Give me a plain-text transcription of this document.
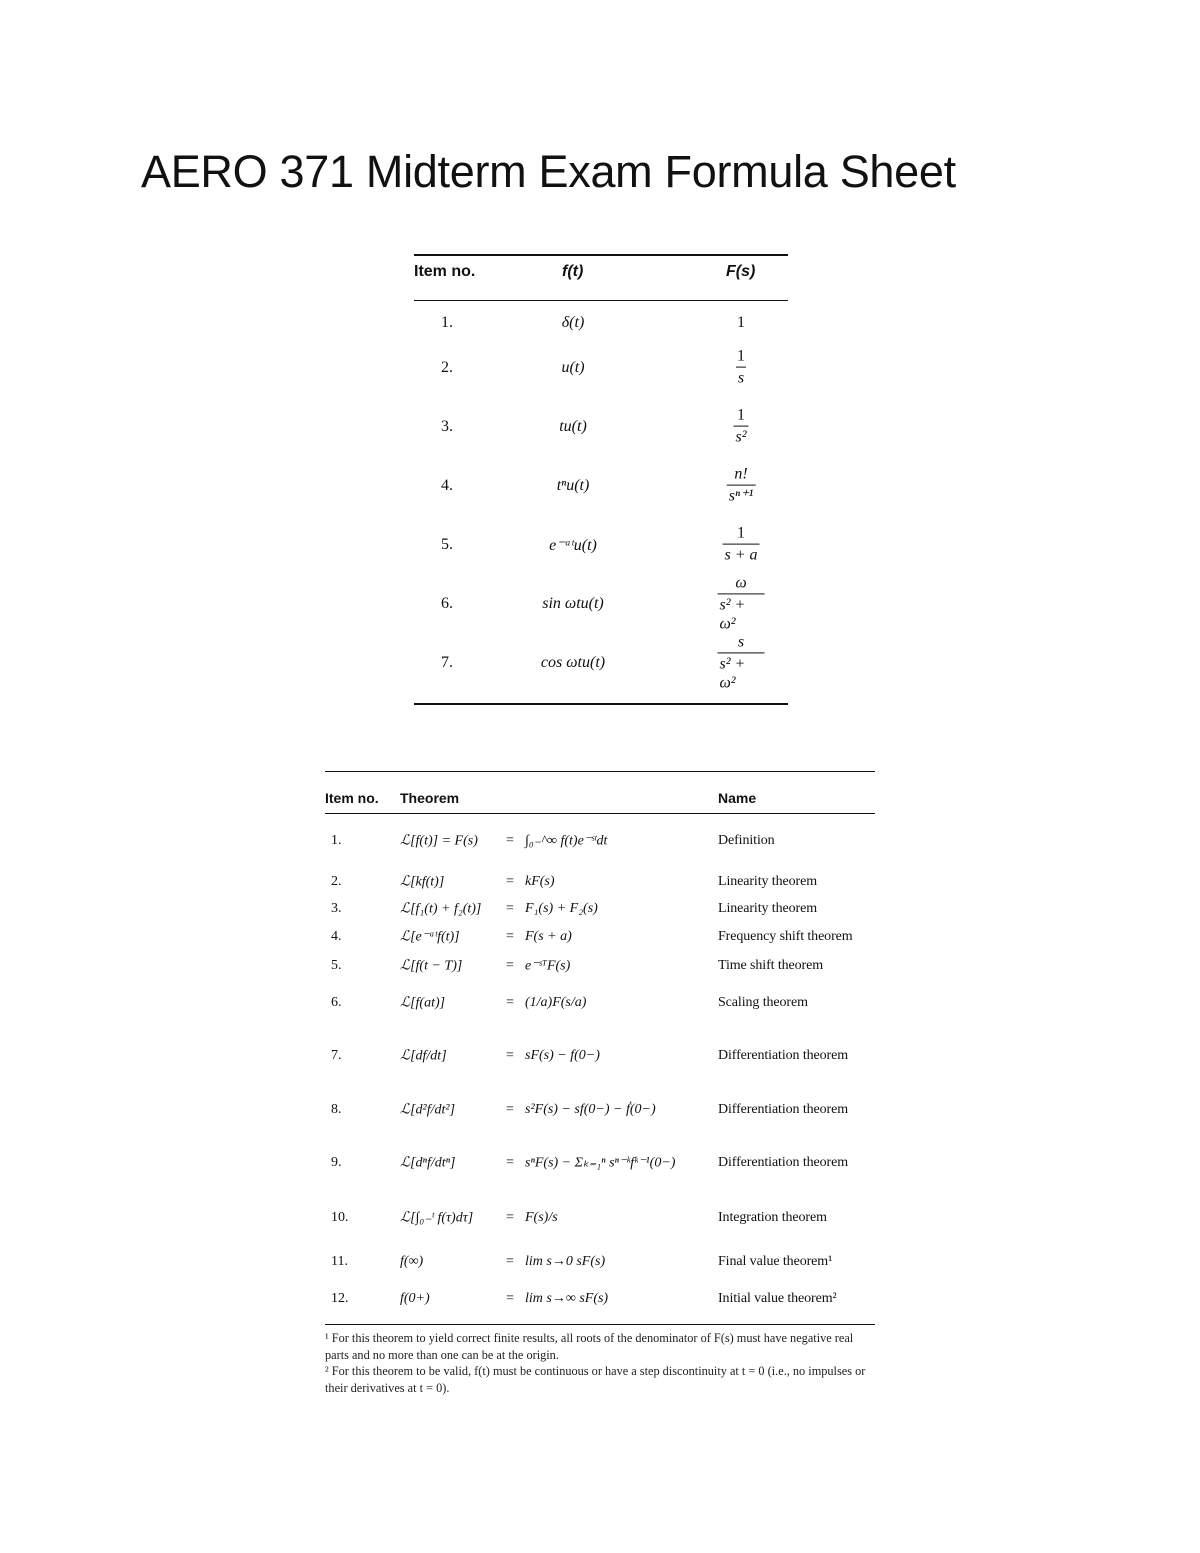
AERO 371 Midterm Exam Formula Sheet
Item no.	f(t)	F(s)
1.	δ(t)	1
2.	u(t)	$\frac{1}{s}$
3.	tu(t)	$\frac{1}{\text{s²}}$
4.	tⁿu(t)	$\frac{n!}{\text{sⁿ⁺¹}}$
5.	e⁻ᵃᵗu(t)	$\frac{1}{s + a}$
6.	sin ωtu(t)	$\frac{\omega}{\text{s² + ω²}}$
7.	cos ωtu(t)	$\frac{s}{\text{s² + ω²}}$
Item no. Theorem	Name
1.	ℒ[f(t)] = F(s) = ∫₀₋^∞ f(t)e⁻ˢᵗdt	Definition
2.	ℒ[kf(t)]	= kF(s)	Linearity theorem
3.	ℒ[f₁(t) + f₂(t)] = F₁(s) + F₂(s)	Linearity theorem
4.	ℒ[e⁻ᵃᵗf(t)]	= F(s + a)	Frequency shift theorem
5.	ℒ[f(t − T)]	= e⁻ˢᵀF(s)	Time shift theorem
6.	ℒ[f(at)]	= (1/a)F(s/a)	Scaling theorem
7.	ℒ[df/dt]	= sF(s) − f(0−)	Differentiation theorem
8.	ℒ[d²f/dt²]	= s²F(s) − sf(0−) − ḟ(0−)	Differentiation theorem
9.	ℒ[dⁿf/dtⁿ]	= sⁿF(s) − Σₖ₌₁ⁿ sⁿ⁻ᵏfᵏ⁻¹(0−)	Differentiation theorem
10.	ℒ[∫₀₋ᵗ f(τ)dτ] = F(s)/s	Integration theorem
11.	f(∞)	= lim s→0 sF(s)	Final value theorem¹
12.	f(0+)	= lim s→∞ sF(s)	Initial value theorem²

¹ For this theorem to yield correct finite results, all roots of the denominator of F(s) must have negative real parts and no more than one can be at the origin.

² For this theorem to be valid, f(t) must be continuous or have a step discontinuity at t = 0 (i.e., no impulses or their derivatives at t = 0).
